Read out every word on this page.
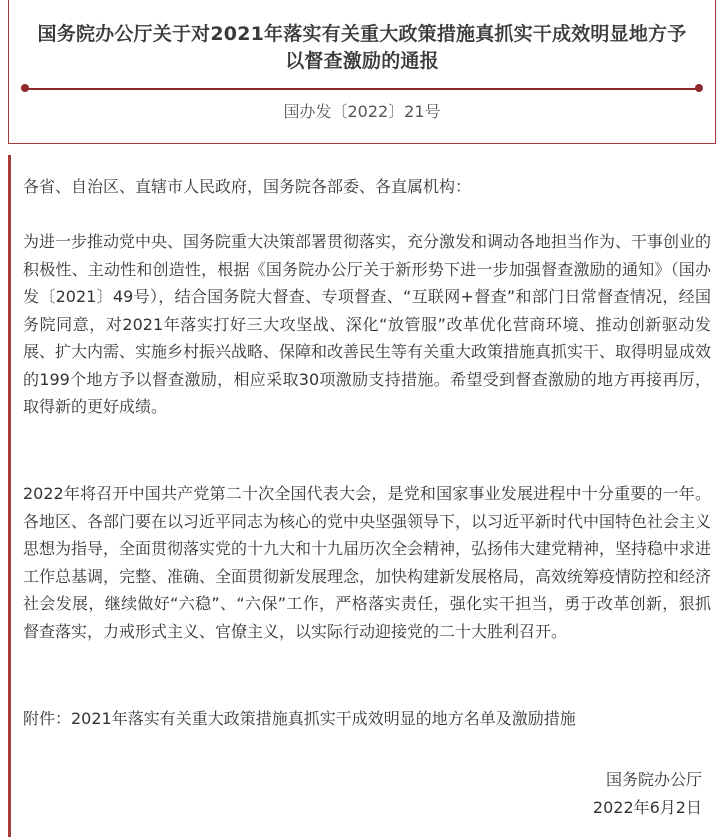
国务院办公厅关于对2021年落实有关重大政策措施真抓实干成效明显地方予以督查激励的通报
国办发〔2022〕21号

各省、自治区、直辖市人民政府，国务院各部委、各直属机构：

为进一步推动党中央、国务院重大决策部署贯彻落实，充分激发和调动各地担当作为、干事创业的积极性、主动性和创造性，根据《国务院办公厅关于新形势下进一步加强督查激励的通知》（国办发〔2021〕49号），结合国务院大督查、专项督查、“互联网+督查”和部门日常督查情况，经国务院同意，对2021年落实打好三大攻坚战、深化“放管服”改革优化营商环境、推动创新驱动发展、扩大内需、实施乡村振兴战略、保障和改善民生等有关重大政策措施真抓实干、取得明显成效的199个地方予以督查激励，相应采取30项激励支持措施。希望受到督查激励的地方再接再厉，取得新的更好成绩。

2022年将召开中国共产党第二十次全国代表大会，是党和国家事业发展进程中十分重要的一年。各地区、各部门要在以习近平同志为核心的党中央坚强领导下，以习近平新时代中国特色社会主义思想为指导，全面贯彻落实党的十九大和十九届历次全会精神，弘扬伟大建党精神，坚持稳中求进工作总基调，完整、准确、全面贯彻新发展理念，加快构建新发展格局，高效统筹疫情防控和经济社会发展，继续做好“六稳”、“六保”工作，严格落实责任，强化实干担当，勇于改革创新，狠抓督查落实，力戒形式主义、官僚主义，以实际行动迎接党的二十大胜利召开。

附件：2021年落实有关重大政策措施真抓实干成效明显的地方名单及激励措施

国务院办公厅
2022年6月2日
